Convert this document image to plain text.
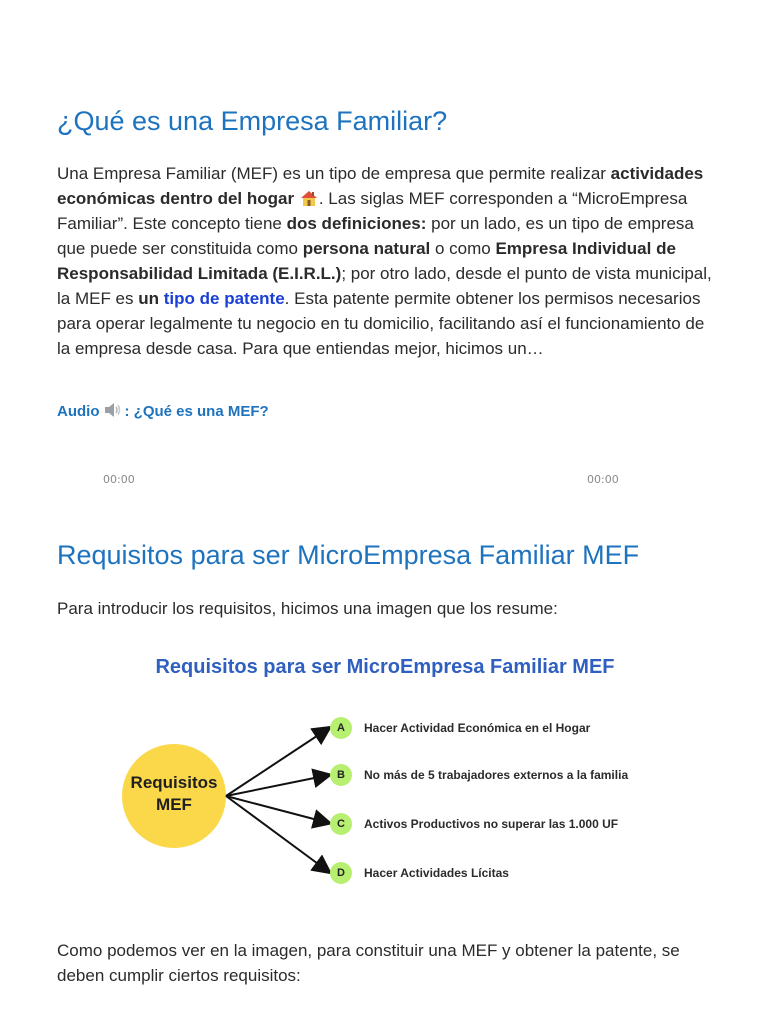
¿Qué es una Empresa Familiar?

Una Empresa Familiar (MEF) es un tipo de empresa que permite realizar actividades económicas dentro del hogar . Las siglas MEF corresponden a “MicroEmpresa Familiar”. Este concepto tiene dos definiciones: por un lado, es un tipo de empresa que puede ser constituida como persona natural o como Empresa Individual de Responsabilidad Limitada (E.I.R.L.); por otro lado, desde el punto de vista municipal, la MEF es un tipo de patente. Esta patente permite obtener los permisos necesarios para operar legalmente tu negocio en tu domicilio, facilitando así el funcionamiento de la empresa desde casa. Para que entiendas mejor, hicimos un…

Audio : ¿Qué es una MEF?
00:00	00:00
Requisitos para ser MicroEmpresa Familiar MEF

Para introducir los requisitos, hicimos una imagen que los resume:

Como podemos ver en la imagen, para constituir una MEF y obtener la patente, se
deben cumplir ciertos requisitos:

Requisitos para ser MicroEmpresa Familiar MEF
Requisitos
MEF
A	Hacer Actividad Económica en el Hogar
B	No más de 5 trabajadores externos a la familia
C	Activos Productivos no superar las 1.000 UF
D	Hacer Actividades Lícitas
